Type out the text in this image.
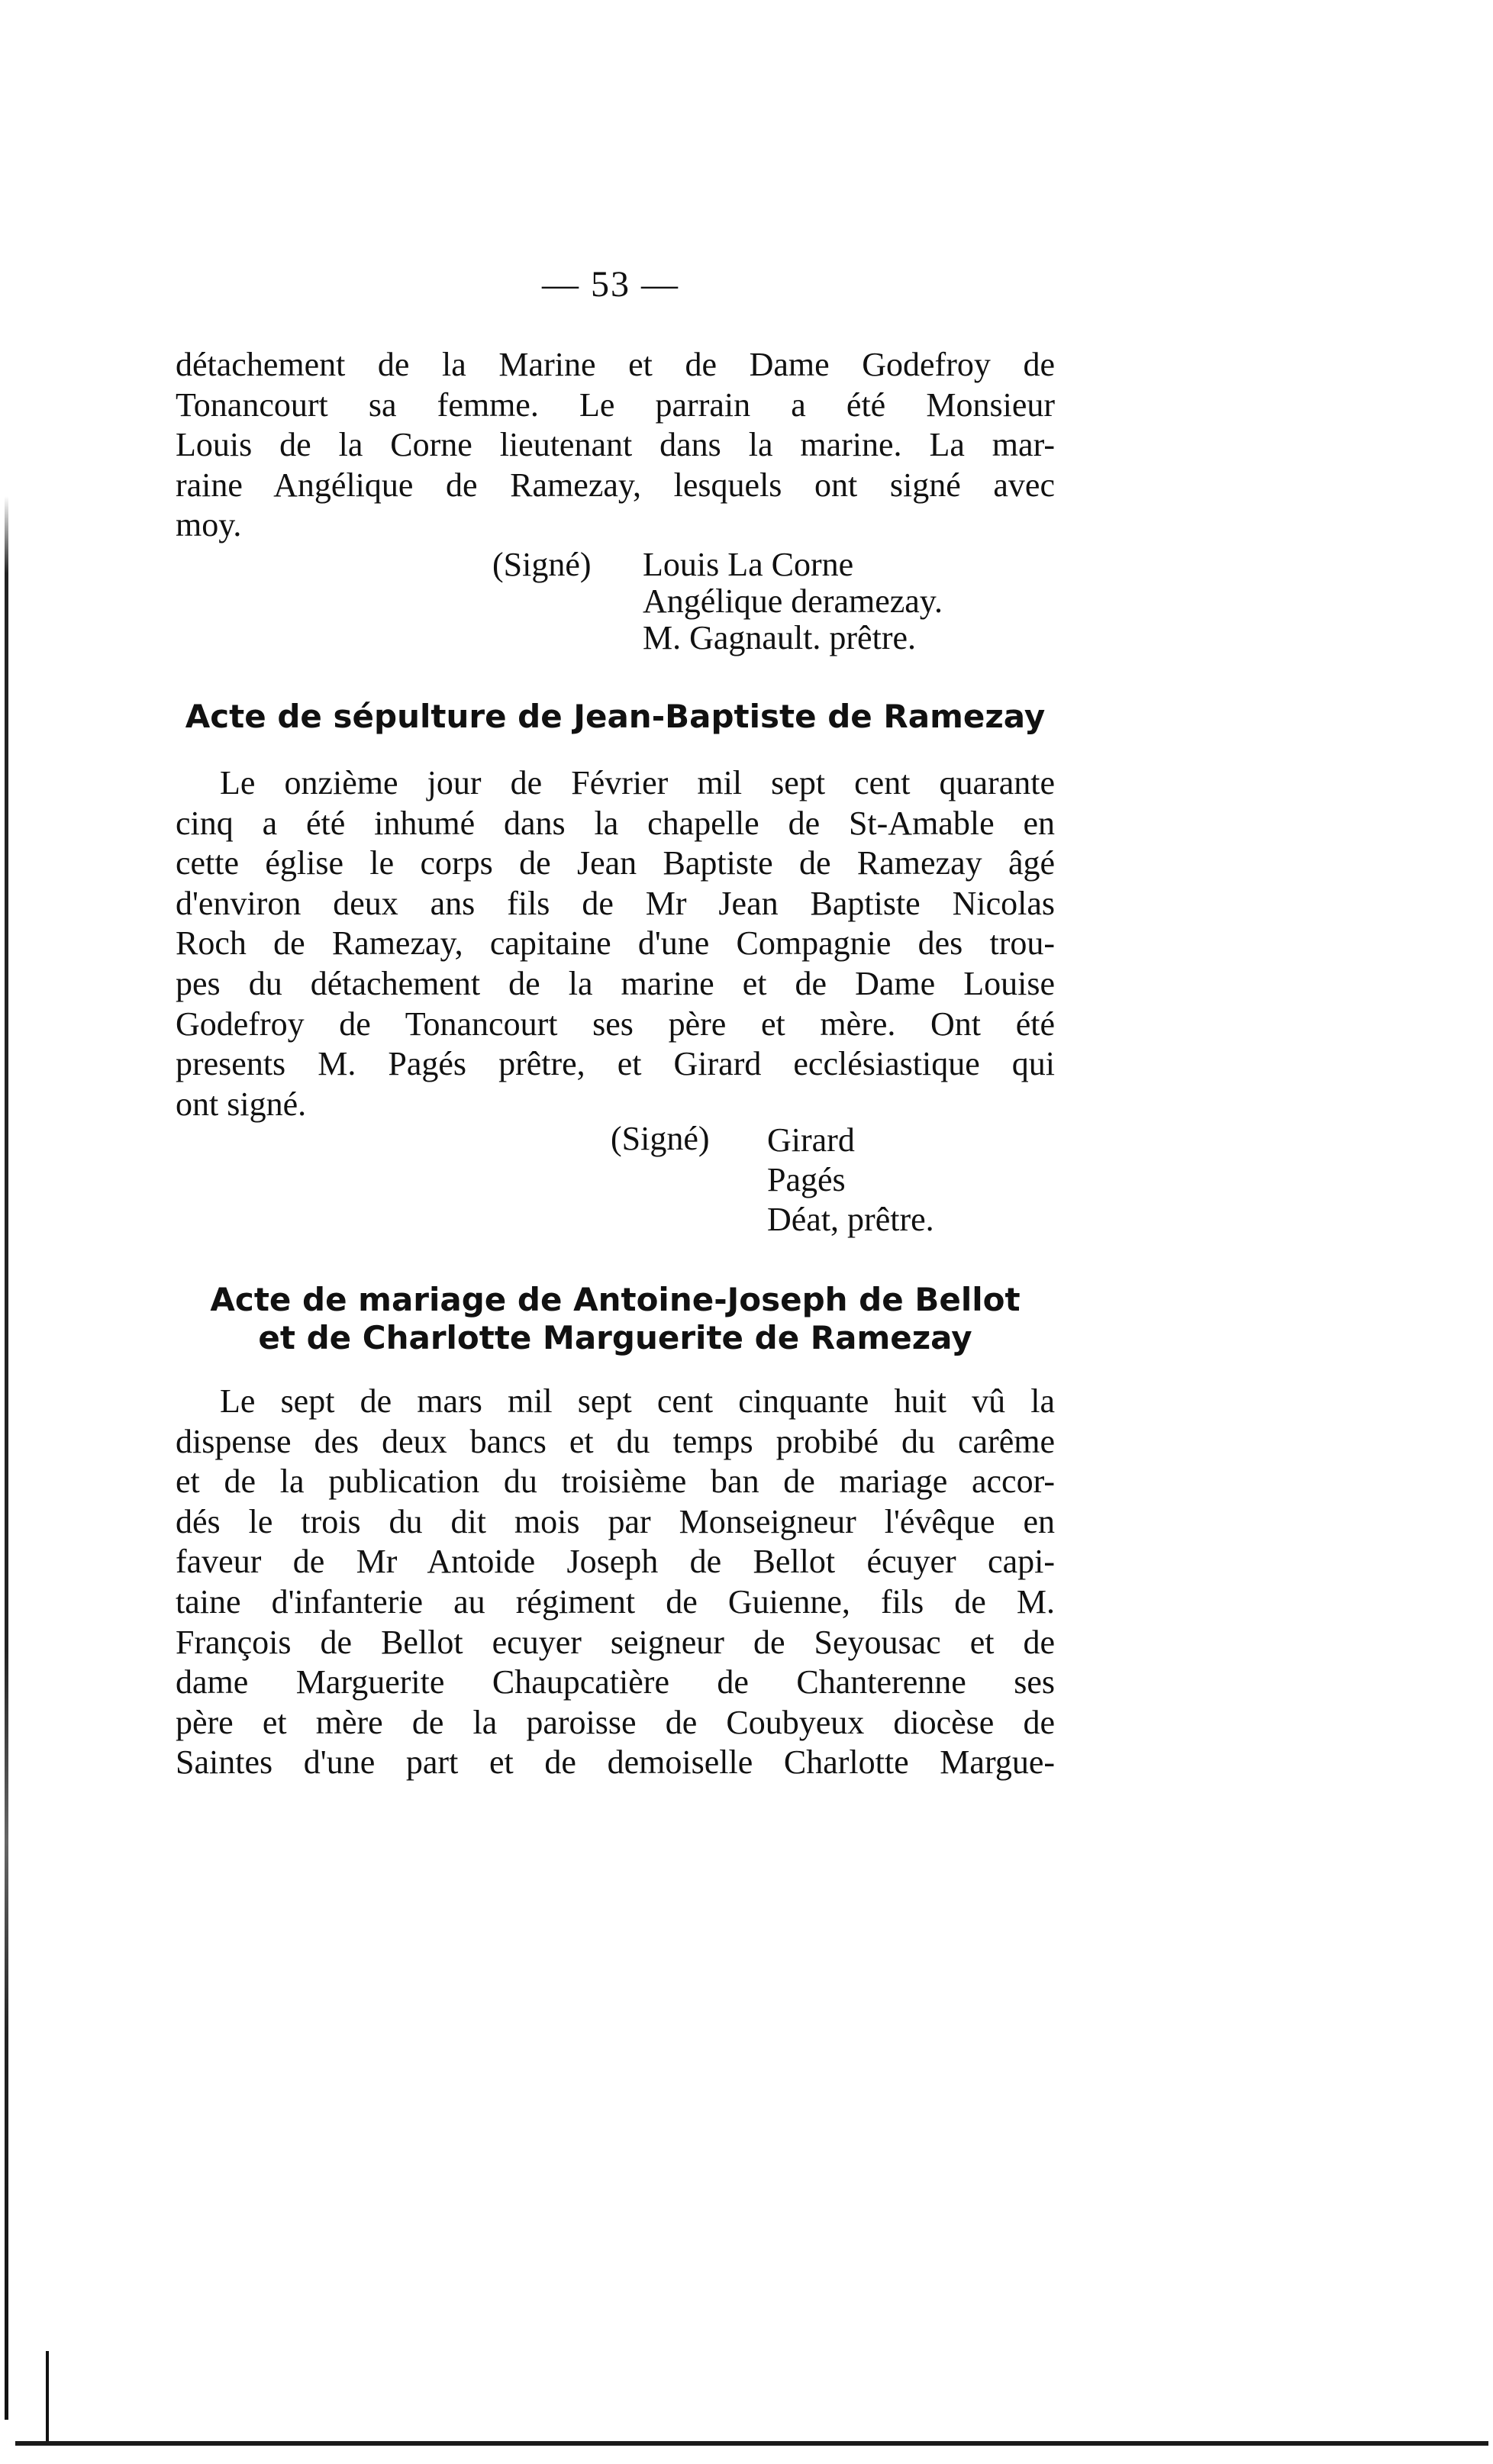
— 53 —
détachement de la Marine et de Dame Godefroy de
Tonancourt sa femme. Le parrain a été Monsieur
Louis de la Corne lieutenant dans la marine. La mar-
raine Angélique de Ramezay, lesquels ont signé avec
moy.
(Signé) Louis La Corne
Angélique deramezay.
M. Gagnault. prêtre.
Acte de sépulture de Jean-Baptiste de Ramezay
Le onzième jour de Février mil sept cent quarante
cinq a été inhumé dans la chapelle de St-Amable en
cette église le corps de Jean Baptiste de Ramezay âgé
d'environ deux ans fils de Mr Jean Baptiste Nicolas
Roch de Ramezay, capitaine d'une Compagnie des trou-
pes du détachement de la marine et de Dame Louise
Godefroy de Tonancourt ses père et mère. Ont été
presents M. Pagés prêtre, et Girard ecclésiastique qui
ont signé.
(Signé) Girard
Pagés
Déat, prêtre.
Acte de mariage de Antoine-Joseph de Bellot
et de Charlotte Marguerite de Ramezay
Le sept de mars mil sept cent cinquante huit vû la
dispense des deux bancs et du temps probibé du carême
et de la publication du troisième ban de mariage accor-
dés le trois du dit mois par Monseigneur l'évêque en
faveur de Mr Antoide Joseph de Bellot écuyer capi-
taine d'infanterie au régiment de Guienne, fils de M.
François de Bellot ecuyer seigneur de Seyousac et de
dame Marguerite Chaupcatière de Chanterenne ses
père et mère de la paroisse de Coubyeux diocèse de
Saintes d'une part et de demoiselle Charlotte Margue-
